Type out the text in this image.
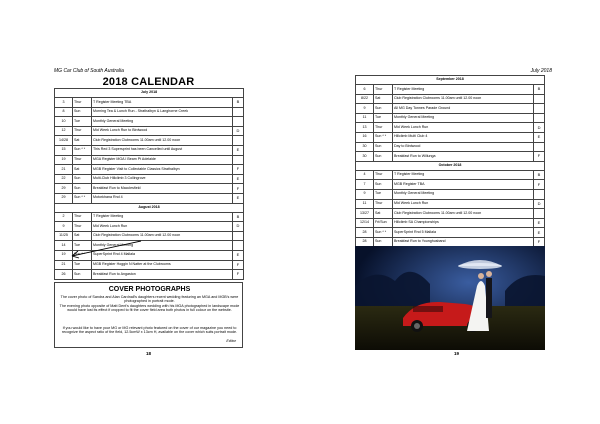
MG Car Club of South Australia
2018 CALENDAR
July 2018			
3	Thur	T Register Meeting TBA	B
8	Sun	Morning Tea & Lunch Run - Strathalbyn & Langhorne Creek	
10	Tue	Monthly General Meeting	
12	Thur	Mid Week Lunch Run to Birdwood	D
14/28	Sat	Club Registration Clubrooms 11.00am until 12.00 noon	
15	Sun * *	This Red 3 Supersprint has been Cancelled until August	E
19	Thur	MGA Register MGA I Beam Pt Adelaide	
21	Sat	MGB Register Visit to Collectable Classics Strathalbyn	F
22	Sun	Multi-Club Hillclimb 3 Collingrove	E
29	Sun	Breakfast Run to Macclesfield	F
29	Sun * *	Motorkhana Rnd 4	E
August 2018			
2	Thur	T Register Meeting	B
9	Thur	Mid Week Lunch Run	D
11/25	Sat	Club Registration Clubrooms 11.00am until 12.00 noon	
14	Tue	Monthly General Meeting	
19	Sun * *	SuperSprint Rnd 4 Mallala	E
21	Tue	MGB Register Hoggin N Natter at the Clubrooms	F
26	Sun	Breakfast Run to Angaston	F
COVER PHOTOGRAPHS

The cover photo of Sandra and Alan Cardnall's daughters recent wedding featuring an MGA and MGB's were photographed in portrait mode.

The evening photo opposite of Matt Dent's daughters wedding with his MGA photographed in landscape mode would have lost its effect if cropped to fit the cover field area both photos in full colour on the website.

If you would like to have your MG or MG relevant photo featured on the cover of our magazine you need to recognize the aspect ratio of the field, 12.5cmW x 13cm H, available on the cover which suits portrait mode.

Editor
18
July 2018
September 2018			
6	Thur	T Register Meeting	B
8/22	Sat	Club Registration Clubrooms 11.00am until 12.00 noon	
9	Sun	All MG Day Tonnes Parade Ground	
11	Tue	Monthly General Meeting	
13	Thur	Mid Week Lunch Run	D
16	Sun * *	Hillclimb Multi Club 4	E
30	Sun	Day to Birdwood	
30	Sun	Breakfast Run to Willunga	F
October 2018			
4	Thur	T Register Meeting	B
7	Sun	MGB Register TBA	F
9	Tue	Monthly General Meeting	
11	Thur	Mid Week Lunch Run	D
13/27	Sat	Club Registration Clubrooms 11.00am until 12.00 noon	
12/14	Fri/Sun	Hillclimb SA Championships	E
28	Sun * *	SuperSprint Rnd 5 Mallala	E
28	Sun	Breakfast Run to Younghusband	F
19
